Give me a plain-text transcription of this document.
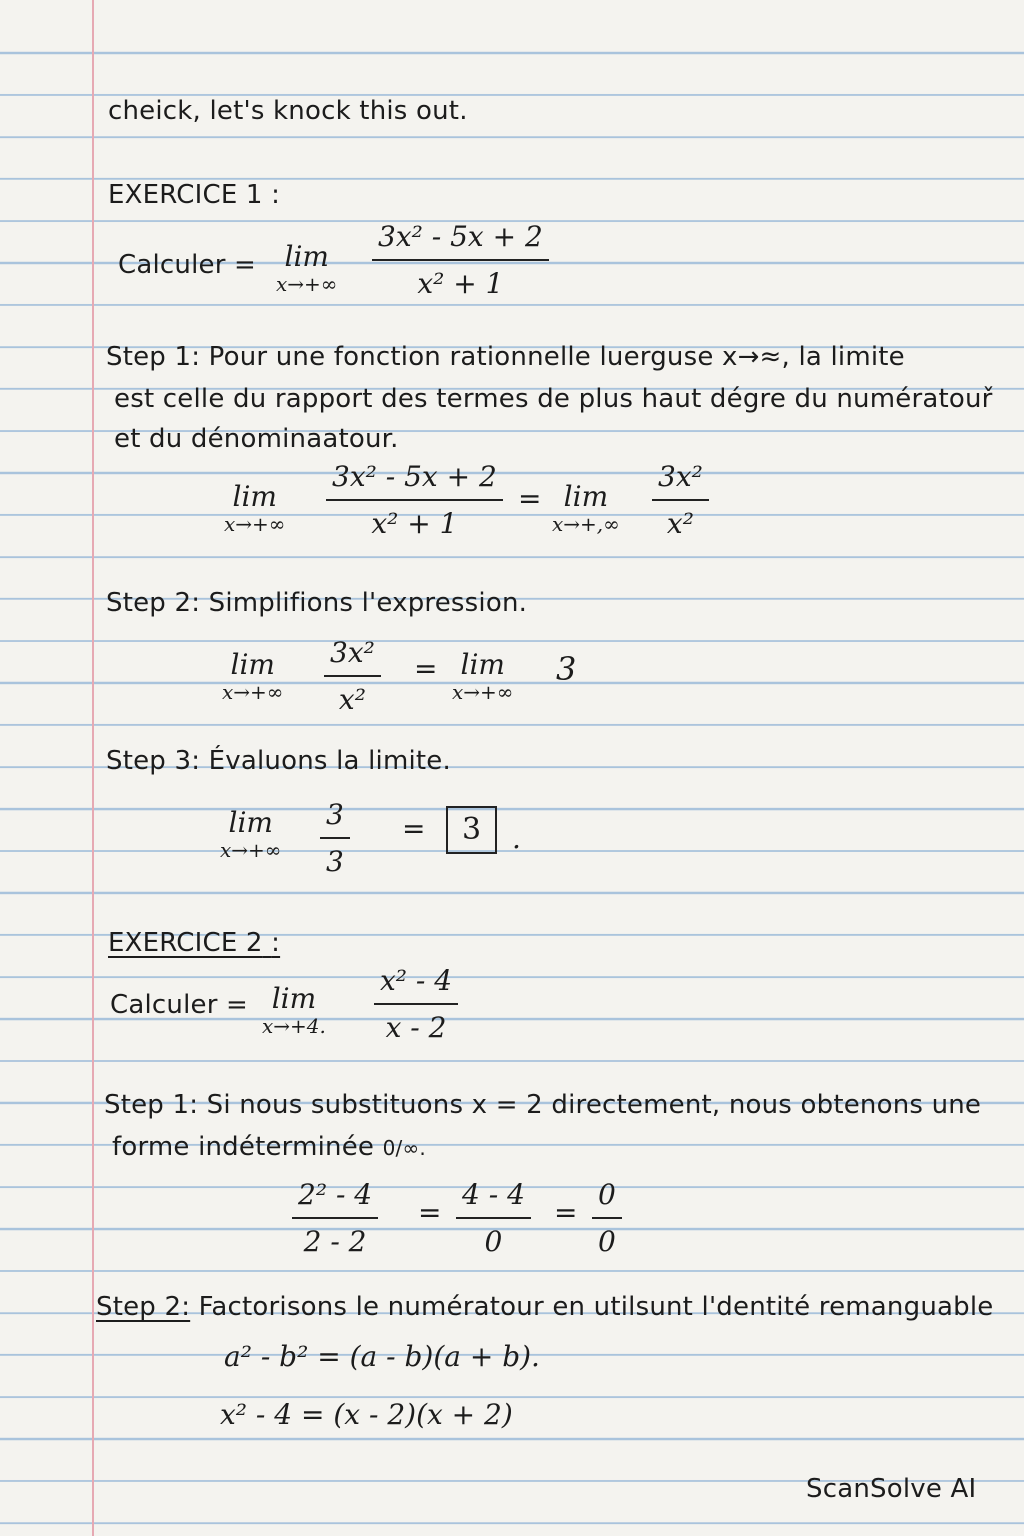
cheick, let's knock this out.
EXERCICE 1 :
Calculer = lim
x→+∞
3x² - 5x + 2
x² + 1
Step 1: Pour une fonction rationnelle luerguse x→≈, la limite
est celle du rapport des termes de plus haut dégre du numératouř
et du dénominaatour.
lim
x→+∞
3x² - 5x + 2
x² + 1
= lim
x→+,∞
3x²
x²
Step 2: Simplifions l'expression.
lim
x→+∞
3x²
x²
= lim
x→+∞
3
Step 3: Évaluons la limite.
lim
x→+∞
3
3
=	3	.
EXERCICE 2 :
Calculer = lim
x→+4.
x² - 4
x - 2
Step 1: Si nous substituons x = 2 directement, nous obtenons une
forme indéterminée 0/∞.
2² - 4
2 - 2
=
4 - 4
0
=
0
0
Step 2: Factorisons le numératour en utilsunt l'dentité remanguable
a² - b² = (a - b)(a + b).
x² - 4 = (x - 2)(x + 2)
ScanSolve AI
